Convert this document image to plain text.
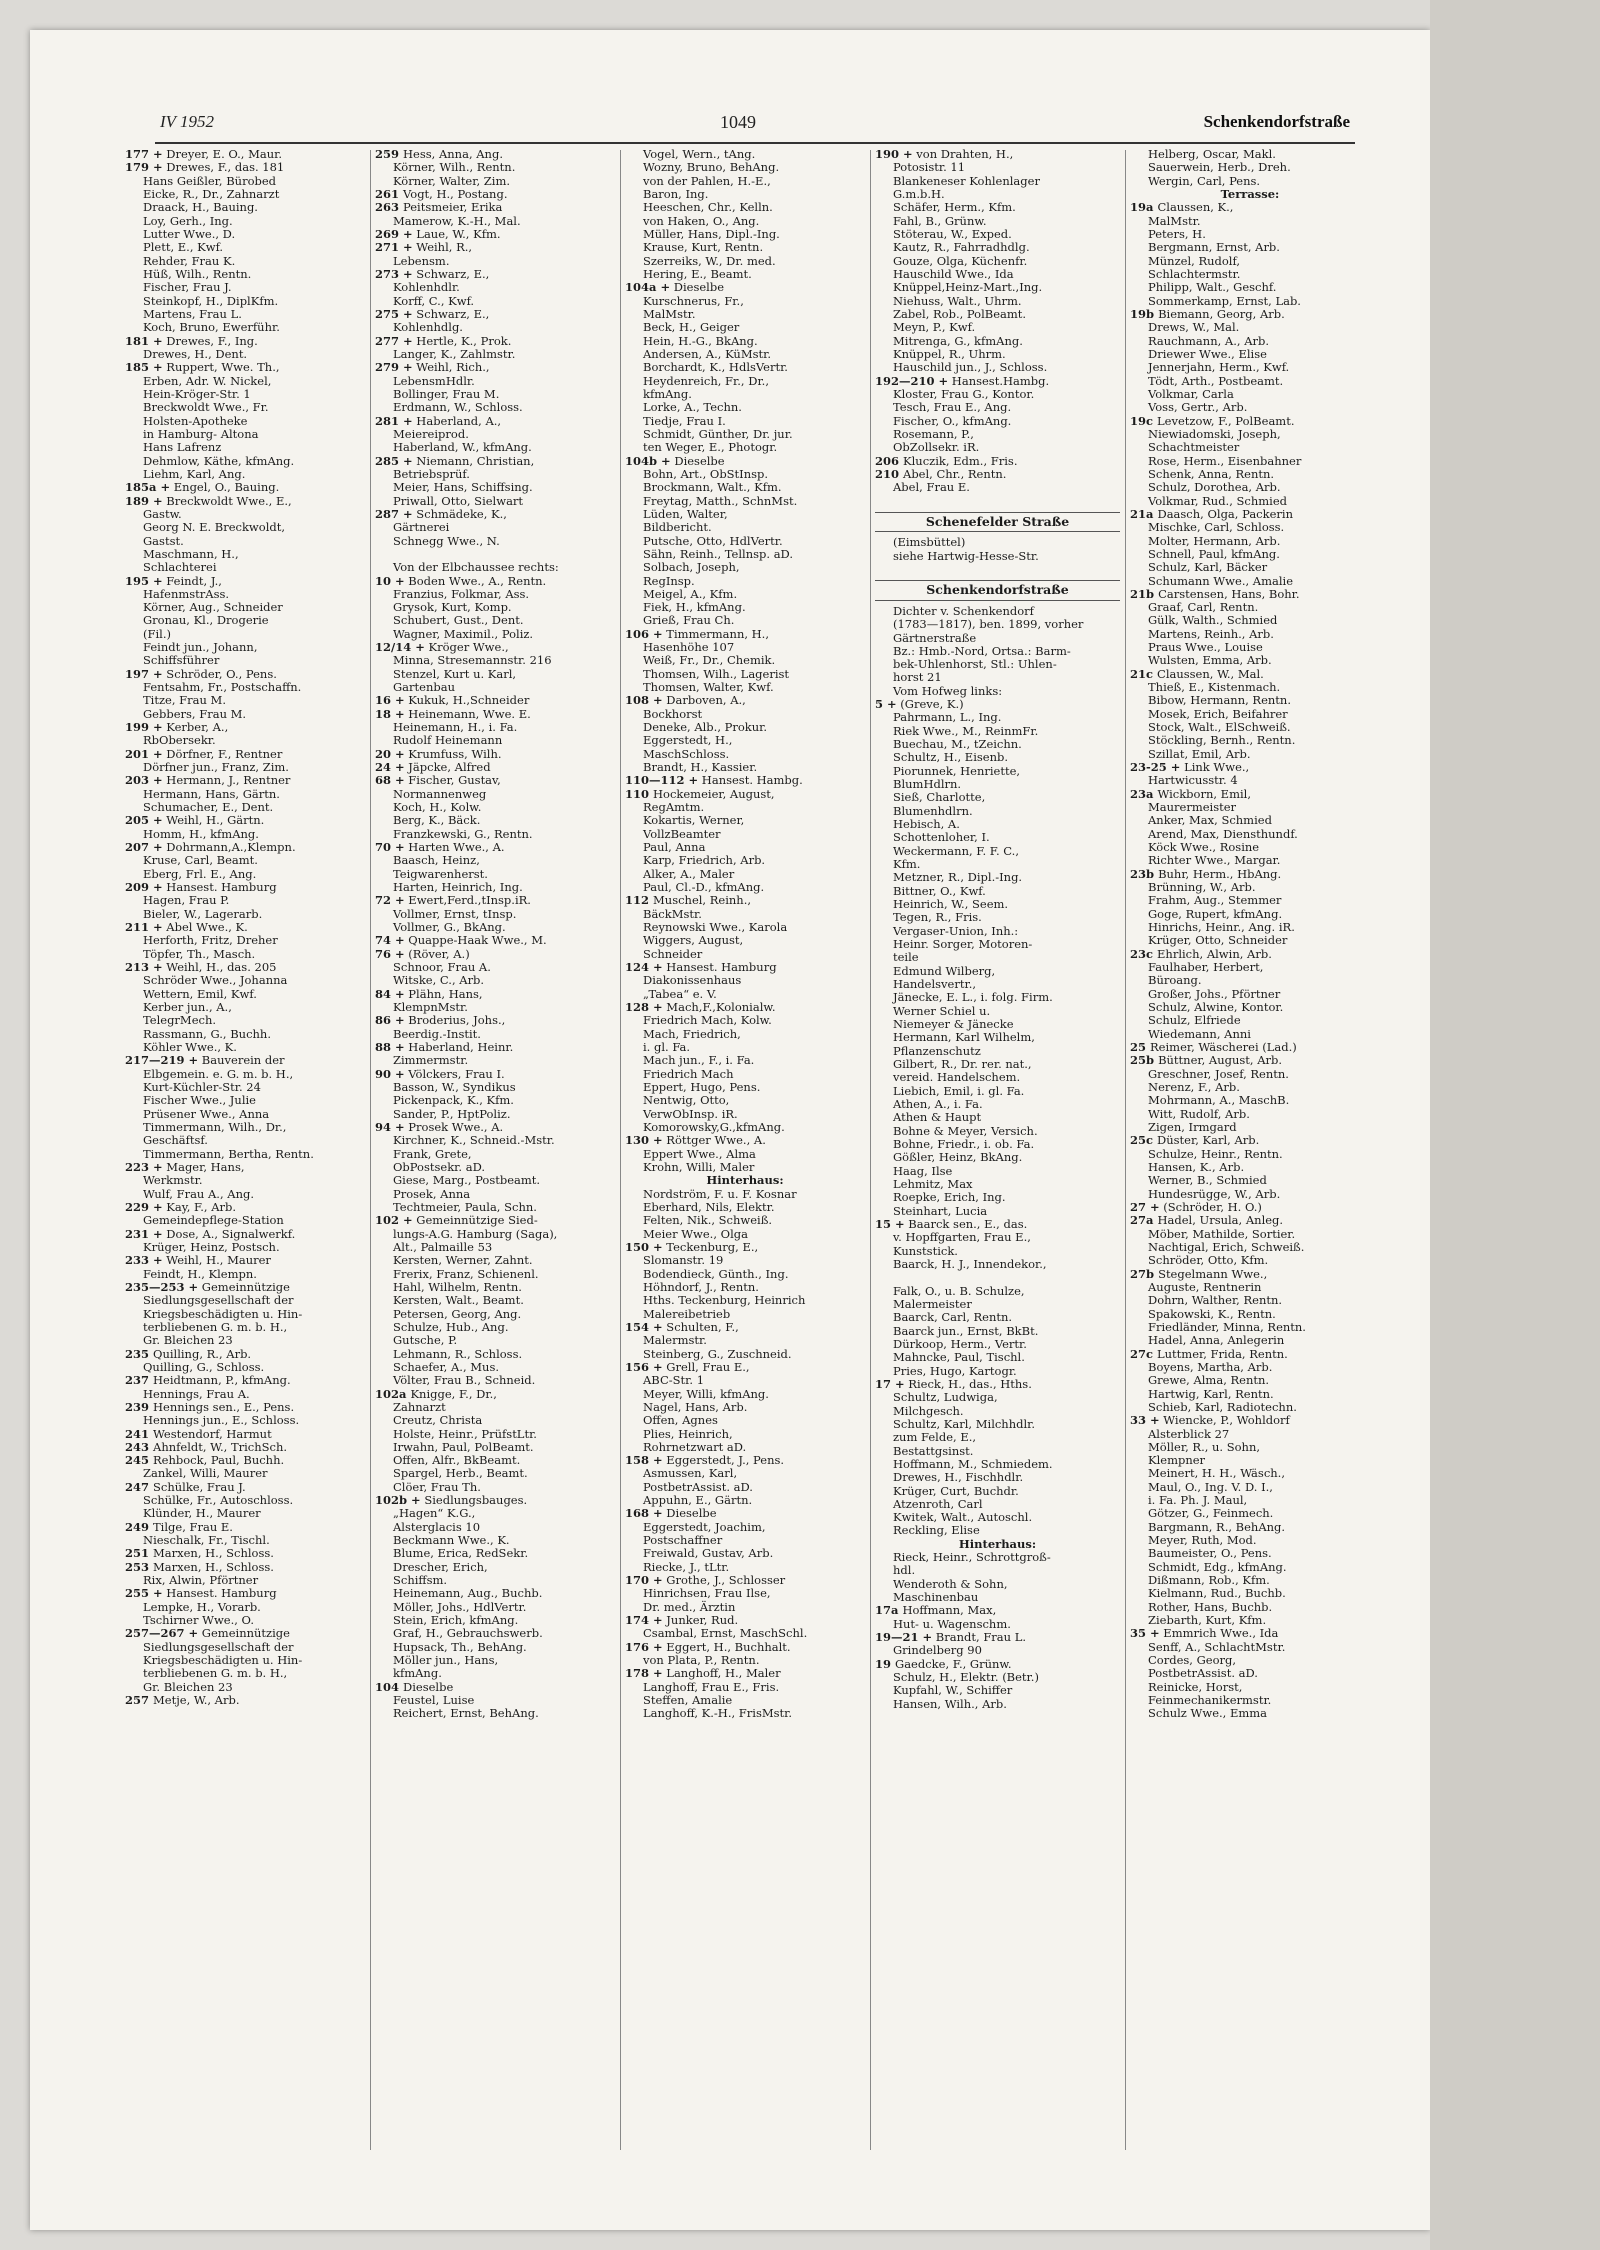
IV 1952	1049	Schenkendorfstraße
177 + Dreyer, E. O., Maur.
179 + Drewes, F., das. 181
Hans Geißler, Bürobed
Eicke, R., Dr., Zahnarzt
Draack, H., Bauing.
Loy, Gerh., Ing.
Lutter Wwe., D.
Plett, E., Kwf.
Rehder, Frau K.
Hüß, Wilh., Rentn.
Fischer, Frau J.
Steinkopf, H., DiplKfm.
Martens, Frau L.
Koch, Bruno, Ewerführ.
181 + Drewes, F., Ing.
Drewes, H., Dent.
185 + Ruppert, Wwe. Th.,
Erben, Adr. W. Nickel,
Hein-Kröger-Str. 1
Breckwoldt Wwe., Fr.
Holsten-Apotheke
in Hamburg- Altona
Hans Lafrenz
Dehmlow, Käthe, kfmAng.
Liehm, Karl, Ang.
185a + Engel, O., Bauing.
189 + Breckwoldt Wwe., E.,
Gastw.
Georg N. E. Breckwoldt,
Gastst.
Maschmann, H.,
Schlachterei
195 + Feindt, J.,
HafenmstrAss.
Körner, Aug., Schneider
Gronau, Kl., Drogerie
(Fil.)
Feindt jun., Johann,
Schiffsführer
197 + Schröder, O., Pens.
Fentsahm, Fr., Postschaffn.
Titze, Frau M.
Gebbers, Frau M.
199 + Kerber, A.,
RbObersekr.
201 + Dörfner, F., Rentner
Dörfner jun., Franz, Zim.
203 + Hermann, J., Rentner
Hermann, Hans, Gärtn.
Schumacher, E., Dent.
205 + Weihl, H., Gärtn.
Homm, H., kfmAng.
207 + Dohrmann,A.,Klempn.
Kruse, Carl, Beamt.
Eberg, Frl. E., Ang.
209 + Hansest. Hamburg
Hagen, Frau P.
Bieler, W., Lagerarb.
211 + Abel Wwe., K.
Herforth, Fritz, Dreher
Töpfer, Th., Masch.
213 + Weihl, H., das. 205
Schröder Wwe., Johanna
Wettern, Emil, Kwf.
Kerber jun., A.,
TelegrMech.
Rassmann, G., Buchh.
Köhler Wwe., K.
217—219 + Bauverein der
Elbgemein. e. G. m. b. H.,
Kurt-Küchler-Str. 24
Fischer Wwe., Julie
Prüsener Wwe., Anna
Timmermann, Wilh., Dr.,
Geschäftsf.
Timmermann, Bertha, Rentn.
223 + Mager, Hans,
Werkmstr.
Wulf, Frau A., Ang.
229 + Kay, F., Arb.
Gemeindepflege-Station
231 + Dose, A., Signalwerkf.
Krüger, Heinz, Postsch.
233 + Weihl, H., Maurer
Feindt, H., Klempn.
235—253 + Gemeinnützige
Siedlungsgesellschaft der
Kriegsbeschädigten u. Hin-
terbliebenen G. m. b. H.,
Gr. Bleichen 23
235 Quilling, R., Arb.
Quilling, G., Schloss.
237 Heidtmann, P., kfmAng.
Hennings, Frau A.
239 Hennings sen., E., Pens.
Hennings jun., E., Schloss.
241 Westendorf, Harmut
243 Ahnfeldt, W., TrichSch.
245 Rehbock, Paul, Buchh.
Zankel, Willi, Maurer
247 Schülke, Frau J.
Schülke, Fr., Autoschloss.
Klünder, H., Maurer
249 Tilge, Frau E.
Nieschalk, Fr., Tischl.
251 Marxen, H., Schloss.
253 Marxen, H., Schloss.
Rix, Alwin, Pförtner
255 + Hansest. Hamburg
Lempke, H., Vorarb.
Tschirner Wwe., O.
257—267 + Gemeinnützige
Siedlungsgesellschaft der
Kriegsbeschädigten u. Hin-
terbliebenen G. m. b. H.,
Gr. Bleichen 23
257 Metje, W., Arb.
259 Hess, Anna, Ang.
Körner, Wilh., Rentn.
Körner, Walter, Zim.
261 Vogt, H., Postang.
263 Peitsmeier, Erika
Mamerow, K.-H., Mal.
269 + Laue, W., Kfm.
271 + Weihl, R.,
Lebensm.
273 + Schwarz, E.,
Kohlenhdlr.
Korff, C., Kwf.
275 + Schwarz, E.,
Kohlenhdlg.
277 + Hertle, K., Prok.
Langer, K., Zahlmstr.
279 + Weihl, Rich.,
LebensmHdlr.
Bollinger, Frau M.
Erdmann, W., Schloss.
281 + Haberland, A.,
Meiereiprod.
Haberland, W., kfmAng.
285 + Niemann, Christian,
Betriebsprüf.
Meier, Hans, Schiffsing.
Priwall, Otto, Sielwart
287 + Schmädeke, K.,
Gärtnerei
Schnegg Wwe., N.

Von der Elbchaussee rechts:
10 + Boden Wwe., A., Rentn.
Franzius, Folkmar, Ass.
Grysok, Kurt, Komp.
Schubert, Gust., Dent.
Wagner, Maximil., Poliz.
12/14 + Kröger Wwe.,
Minna, Stresemannstr. 216
Stenzel, Kurt u. Karl,
Gartenbau
16 + Kukuk, H.,Schneider
18 + Heinemann, Wwe. E.
Heinemann, H., i. Fa.
Rudolf Heinemann
20 + Krumfuss, Wilh.
24 + Jäpcke, Alfred
68 + Fischer, Gustav,
Normannenweg
Koch, H., Kolw.
Berg, K., Bäck.
Franzkewski, G., Rentn.
70 + Harten Wwe., A.
Baasch, Heinz,
Teigwarenherst.
Harten, Heinrich, Ing.
72 + Ewert,Ferd.,tInsp.iR.
Vollmer, Ernst, tInsp.
Vollmer, G., BkAng.
74 + Quappe-Haak Wwe., M.
76 + (Röver, A.)
Schnoor, Frau A.
Witske, C., Arb.
84 + Plähn, Hans,
KlempnMstr.
86 + Broderius, Johs.,
Beerdig.-Instit.
88 + Haberland, Heinr.
Zimmermstr.
90 + Völckers, Frau I.
Basson, W., Syndikus
Pickenpack, K., Kfm.
Sander, P., HptPoliz.
94 + Prosek Wwe., A.
Kirchner, K., Schneid.-Mstr.
Frank, Grete,
ObPostsekr. aD.
Giese, Marg., Postbeamt.
Prosek, Anna
Techtmeier, Paula, Schn.
102 + Gemeinnützige Sied-
lungs-A.G. Hamburg (Saga),
Alt., Palmaille 53
Kersten, Werner, Zahnt.
Frerix, Franz, Schienenl.
Hahl, Wilhelm, Rentn.
Kersten, Walt., Beamt.
Petersen, Georg, Ang.
Schulze, Hub., Ang.
Gutsche, P.
Lehmann, R., Schloss.
Schaefer, A., Mus.
Völter, Frau B., Schneid.
102a Knigge, F., Dr.,
Zahnarzt
Creutz, Christa
Holste, Heinr., PrüfstLtr.
Irwahn, Paul, PolBeamt.
Offen, Alfr., BkBeamt.
Spargel, Herb., Beamt.
Clöer, Frau Th.
102b + Siedlungsbauges.
„Hagen“ K.G.,
Alsterglacis 10
Beckmann Wwe., K.
Blume, Erica, RedSekr.
Drescher, Erich,
Schiffsm.
Heinemann, Aug., Buchb.
Möller, Johs., HdlVertr.
Stein, Erich, kfmAng.
Graf, H., Gebrauchswerb.
Hupsack, Th., BehAng.
Möller jun., Hans,
kfmAng.
104 Dieselbe
Feustel, Luise
Reichert, Ernst, BehAng.
Vogel, Wern., tAng.
Wozny, Bruno, BehAng.
von der Pahlen, H.-E.,
Baron, Ing.
Heeschen, Chr., Kelln.
von Haken, O., Ang.
Müller, Hans, Dipl.-Ing.
Krause, Kurt, Rentn.
Szerreiks, W., Dr. med.
Hering, E., Beamt.
104a + Dieselbe
Kurschnerus, Fr.,
MalMstr.
Beck, H., Geiger
Hein, H.-G., BkAng.
Andersen, A., KüMstr.
Borchardt, K., HdlsVertr.
Heydenreich, Fr., Dr.,
kfmAng.
Lorke, A., Techn.
Tiedje, Frau I.
Schmidt, Günther, Dr. jur.
ten Weger, E., Photogr.
104b + Dieselbe
Bohn, Art., ObStInsp.
Brockmann, Walt., Kfm.
Freytag, Matth., SchnMst.
Lüden, Walter,
Bildbericht.
Putsche, Otto, HdlVertr.
Sähn, Reinh., Tellnsp. aD.
Solbach, Joseph,
RegInsp.
Meigel, A., Kfm.
Fiek, H., kfmAng.
Grieß, Frau Ch.
106 + Timmermann, H.,
Hasenhöhe 107
Weiß, Fr., Dr., Chemik.
Thomsen, Wilh., Lagerist
Thomsen, Walter, Kwf.
108 + Darboven, A.,
Bockhorst
Deneke, Alb., Prokur.
Eggerstedt, H.,
MaschSchloss.
Brandt, H., Kassier.
110—112 + Hansest. Hambg.
110 Hockemeier, August,
RegAmtm.
Kokartis, Werner,
VollzBeamter
Paul, Anna
Karp, Friedrich, Arb.
Alker, A., Maler
Paul, Cl.-D., kfmAng.
112 Muschel, Reinh.,
BäckMstr.
Reynowski Wwe., Karola
Wiggers, August,
Schneider
124 + Hansest. Hamburg
Diakonissenhaus
„Tabea“ e. V.
128 + Mach,F.,Kolonialw.
Friedrich Mach, Kolw.
Mach, Friedrich,
i. gl. Fa.
Mach jun., F., i. Fa.
Friedrich Mach
Eppert, Hugo, Pens.
Nentwig, Otto,
VerwObInsp. iR.
Komorowsky,G.,kfmAng.
130 + Röttger Wwe., A.
Eppert Wwe., Alma
Krohn, Willi, Maler
Hinterhaus:
Nordström, F. u. F. Kosnar
Eberhard, Nils, Elektr.
Felten, Nik., Schweiß.
Meier Wwe., Olga
150 + Teckenburg, E.,
Slomanstr. 19
Bodendieck, Günth., Ing.
Höhndorf, J., Rentn.
Hths. Teckenburg, Heinrich
Malereibetrieb
154 + Schulten, F.,
Malermstr.
Steinberg, G., Zuschneid.
156 + Grell, Frau E.,
ABC-Str. 1
Meyer, Willi, kfmAng.
Nagel, Hans, Arb.
Offen, Agnes
Plies, Heinrich,
Rohrnetzwart aD.
158 + Eggerstedt, J., Pens.
Asmussen, Karl,
PostbetrAssist. aD.
Appuhn, E., Gärtn.
168 + Dieselbe
Eggerstedt, Joachim,
Postschaffner
Freiwald, Gustav, Arb.
Riecke, J., tLtr.
170 + Grothe, J., Schlosser
Hinrichsen, Frau Ilse,
Dr. med., Ärztin
174 + Junker, Rud.
Csambal, Ernst, MaschSchl.
176 + Eggert, H., Buchhalt.
von Plata, P., Rentn.
178 + Langhoff, H., Maler
Langhoff, Frau E., Fris.
Steffen, Amalie
Langhoff, K.-H., FrisMstr.
190 + von Drahten, H.,
Potosistr. 11
Blankeneser Kohlenlager
G.m.b.H.
Schäfer, Herm., Kfm.
Fahl, B., Grünw.
Stöterau, W., Exped.
Kautz, R., Fahrradhdlg.
Gouze, Olga, Küchenfr.
Hauschild Wwe., Ida
Knüppel,Heinz-Mart.,Ing.
Niehuss, Walt., Uhrm.
Zabel, Rob., PolBeamt.
Meyn, P., Kwf.
Mitrenga, G., kfmAng.
Knüppel, R., Uhrm.
Hauschild jun., J., Schloss.
192—210 + Hansest.Hambg.
Kloster, Frau G., Kontor.
Tesch, Frau E., Ang.
Fischer, O., kfmAng.
Rosemann, P.,
ObZollsekr. iR.
206 Kluczik, Edm., Fris.
210 Abel, Chr., Rentn.
Abel, Frau E.

Schenefelder Straße
(Eimsbüttel)
siehe Hartwig-Hesse-Str.

Schenkendorfstraße
Dichter v. Schenkendorf
(1783—1817), ben. 1899, vorher
Gärtnerstraße
Bz.: Hmb.-Nord, Ortsa.: Barm-
bek-Uhlenhorst, Stl.: Uhlen-
horst 21
Vom Hofweg links:
5 + (Greve, K.)
Pahrmann, L., Ing.
Riek Wwe., M., ReinmFr.
Buechau, M., tZeichn.
Schultz, H., Eisenb.
Piorunnek, Henriette,
BlumHdlrn.
Sieß, Charlotte,
Blumenhdlrn.
Hebisch, A.
Schottenloher, I.
Weckermann, F. F. C.,
Kfm.
Metzner, R., Dipl.-Ing.
Bittner, O., Kwf.
Heinrich, W., Seem.
Tegen, R., Fris.
Vergaser-Union, Inh.:
Heinr. Sorger, Motoren-
teile
Edmund Wilberg,
Handelsvertr.,
Jänecke, E. L., i. folg. Firm.
Werner Schiel u.
Niemeyer & Jänecke
Hermann, Karl Wilhelm,
Pflanzenschutz
Gilbert, R., Dr. rer. nat.,
vereid. Handelschem.
Liebich, Emil, i. gl. Fa.
Athen, A., i. Fa.
Athen & Haupt
Bohne & Meyer, Versich.
Bohne, Friedr., i. ob. Fa.
Gößler, Heinz, BkAng.
Haag, Ilse
Lehmitz, Max
Roepke, Erich, Ing.
Steinhart, Lucia
15 + Baarck sen., E., das.
v. Hopffgarten, Frau E.,
Kunststick.
Baarck, H. J., Innendekor.,

Falk, O., u. B. Schulze,
Malermeister
Baarck, Carl, Rentn.
Baarck jun., Ernst, BkBt.
Dürkoop, Herm., Vertr.
Mahncke, Paul, Tischl.
Pries, Hugo, Kartogr.
17 + Rieck, H., das., Hths.
Schultz, Ludwiga,
Milchgesch.
Schultz, Karl, Milchhdlr.
zum Felde, E.,
Bestattgsinst.
Hoffmann, M., Schmiedem.
Drewes, H., Fischhdlr.
Krüger, Curt, Buchdr.
Atzenroth, Carl
Kwitek, Walt., Autoschl.
Reckling, Elise
Hinterhaus:
Rieck, Heinr., Schrottgroß-
hdl.
Wenderoth & Sohn,
Maschinenbau
17a Hoffmann, Max,
Hut- u. Wagenschm.
19—21 + Brandt, Frau L.
Grindelberg 90
19 Gaedcke, F., Grünw.
Schulz, H., Elektr. (Betr.)
Kupfahl, W., Schiffer
Hansen, Wilh., Arb.
Helberg, Oscar, Makl.
Sauerwein, Herb., Dreh.
Wergin, Carl, Pens.
Terrasse:
19a Claussen, K.,
MalMstr.
Peters, H.
Bergmann, Ernst, Arb.
Münzel, Rudolf,
Schlachtermstr.
Philipp, Walt., Geschf.
Sommerkamp, Ernst, Lab.
19b Biemann, Georg, Arb.
Drews, W., Mal.
Rauchmann, A., Arb.
Driewer Wwe., Elise
Jennerjahn, Herm., Kwf.
Tödt, Arth., Postbeamt.
Volkmar, Carla
Voss, Gertr., Arb.
19c Levetzow, F., PolBeamt.
Niewiadomski, Joseph,
Schachtmeister
Rose, Herm., Eisenbahner
Schenk, Anna, Rentn.
Schulz, Dorothea, Arb.
Volkmar, Rud., Schmied
21a Daasch, Olga, Packerin
Mischke, Carl, Schloss.
Molter, Hermann, Arb.
Schnell, Paul, kfmAng.
Schulz, Karl, Bäcker
Schumann Wwe., Amalie
21b Carstensen, Hans, Bohr.
Graaf, Carl, Rentn.
Gülk, Walth., Schmied
Martens, Reinh., Arb.
Praus Wwe., Louise
Wulsten, Emma, Arb.
21c Claussen, W., Mal.
Thieß, E., Kistenmach.
Bibow, Hermann, Rentn.
Mosek, Erich, Beifahrer
Stock, Walt., ElSchweiß.
Stöckling, Bernh., Rentn.
Szillat, Emil, Arb.
23-25 + Link Wwe.,
Hartwicusstr. 4
23a Wickborn, Emil,
Maurermeister
Anker, Max, Schmied
Arend, Max, Diensthundf.
Köck Wwe., Rosine
Richter Wwe., Margar.
23b Buhr, Herm., HbAng.
Brünning, W., Arb.
Frahm, Aug., Stemmer
Goge, Rupert, kfmAng.
Hinrichs, Heinr., Ang. iR.
Krüger, Otto, Schneider
23c Ehrlich, Alwin, Arb.
Faulhaber, Herbert,
Büroang.
Großer, Johs., Pförtner
Schulz, Alwine, Kontor.
Schulz, Elfriede
Wiedemann, Anni
25 Reimer, Wäscherei (Lad.)
25b Büttner, August, Arb.
Greschner, Josef, Rentn.
Nerenz, F., Arb.
Mohrmann, A., MaschB.
Witt, Rudolf, Arb.
Zigen, Irmgard
25c Düster, Karl, Arb.
Schulze, Heinr., Rentn.
Hansen, K., Arb.
Werner, B., Schmied
Hundesrügge, W., Arb.
27 + (Schröder, H. O.)
27a Hadel, Ursula, Anleg.
Möber, Mathilde, Sortier.
Nachtigal, Erich, Schweiß.
Schröder, Otto, Kfm.
27b Stegelmann Wwe.,
Auguste, Rentnerin
Dohrn, Walther, Rentn.
Spakowski, K., Rentn.
Friedländer, Minna, Rentn.
Hadel, Anna, Anlegerin
27c Luttmer, Frida, Rentn.
Boyens, Martha, Arb.
Grewe, Alma, Rentn.
Hartwig, Karl, Rentn.
Schieb, Karl, Radiotechn.
33 + Wiencke, P., Wohldorf
Alsterblick 27
Möller, R., u. Sohn,
Klempner
Meinert, H. H., Wäsch.,
Maul, O., Ing. V. D. I.,
i. Fa. Ph. J. Maul,
Götzer, G., Feinmech.
Bargmann, R., BehAng.
Meyer, Ruth, Mod.
Baumeister, O., Pens.
Schmidt, Edg., kfmAng.
Dißmann, Rob., Kfm.
Kielmann, Rud., Buchb.
Rother, Hans, Buchb.
Ziebarth, Kurt, Kfm.
35 + Emmrich Wwe., Ida
Senff, A., SchlachtMstr.
Cordes, Georg,
PostbetrAssist. aD.
Reinicke, Horst,
Feinmechanikermstr.
Schulz Wwe., Emma
